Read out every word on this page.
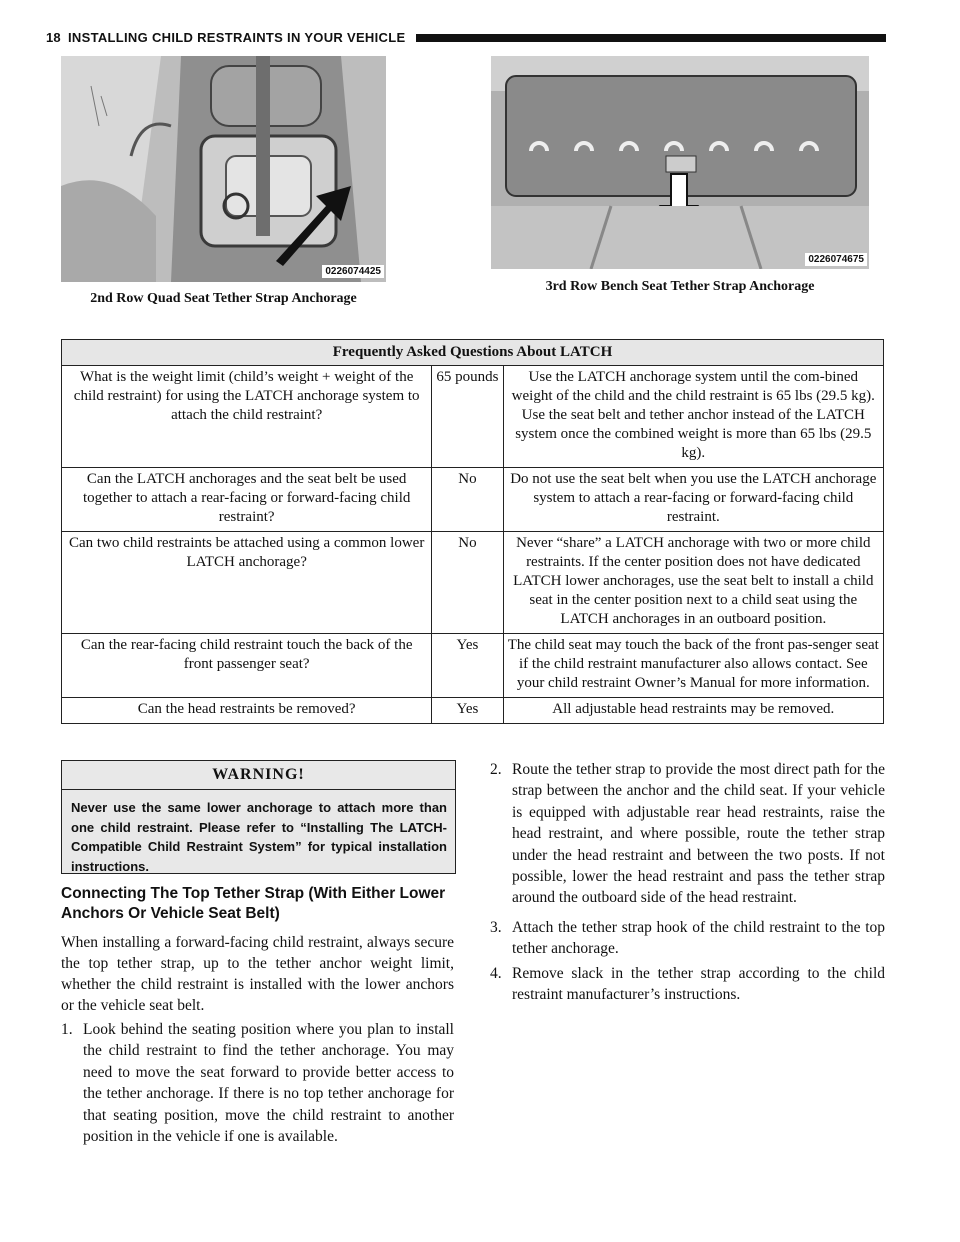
18 INSTALLING CHILD RESTRAINTS IN YOUR VEHICLE
0226074425
2nd Row Quad Seat Tether Strap Anchorage
0226074675
3rd Row Bench Seat Tether Strap Anchorage
Frequently Asked Questions About LATCH		
What is the weight limit (child’s weight + weight of the child restraint) for using the LATCH anchorage system to attach the child restraint?	65 pounds	Use the LATCH anchorage system until the com-bined weight of the child and the child restraint is 65 lbs (29.5 kg). Use the seat belt and tether anchor instead of the LATCH system once the combined weight is more than 65 lbs (29.5 kg).
Can the LATCH anchorages and the seat belt be used together to attach a rear-facing or forward-facing child restraint?	No	Do not use the seat belt when you use the LATCH anchorage system to attach a rear-facing or forward-facing child restraint.
Can two child restraints be attached using a common lower LATCH anchorage?	No	Never “share” a LATCH anchorage with two or more child restraints. If the center position does not have dedicated LATCH lower anchorages, use the seat belt to install a child seat in the center position next to a child seat using the LATCH anchorages in an outboard position.
Can the rear-facing child restraint touch the back of the front passenger seat?	Yes	The child seat may touch the back of the front pas-senger seat if the child restraint manufacturer also allows contact. See your child restraint Owner’s Manual for more information.
Can the head restraints be removed?	Yes	All adjustable head restraints may be removed.
WARNING!
Never use the same lower anchorage to attach more than one child restraint. Please refer to “Installing The LATCH-Compatible Child Restraint System” for typical installation instructions.
Connecting The Top Tether Strap (With Either Lower Anchors Or Vehicle Seat Belt)
When installing a forward-facing child restraint, always secure the top tether strap, up to the tether anchor weight limit, whether the child restraint is installed with the lower anchors or the vehicle seat belt.
1. Look behind the seating position where you plan to install the child restraint to find the tether anchorage. You may need to move the seat forward to provide better access to the tether anchorage. If there is no top tether anchorage for that seating position, move the child restraint to another position in the vehicle if one is available.
2. Route the tether strap to provide the most direct path for the strap between the anchor and the child seat. If your vehicle is equipped with adjustable rear head restraints, raise the head restraint, and where possible, route the tether strap under the head restraint and between the two posts. If not possible, lower the head restraint and pass the tether strap around the outboard side of the head restraint.
3. Attach the tether strap hook of the child restraint to the top tether anchorage.
4. Remove slack in the tether strap according to the child restraint manufacturer’s instructions.
